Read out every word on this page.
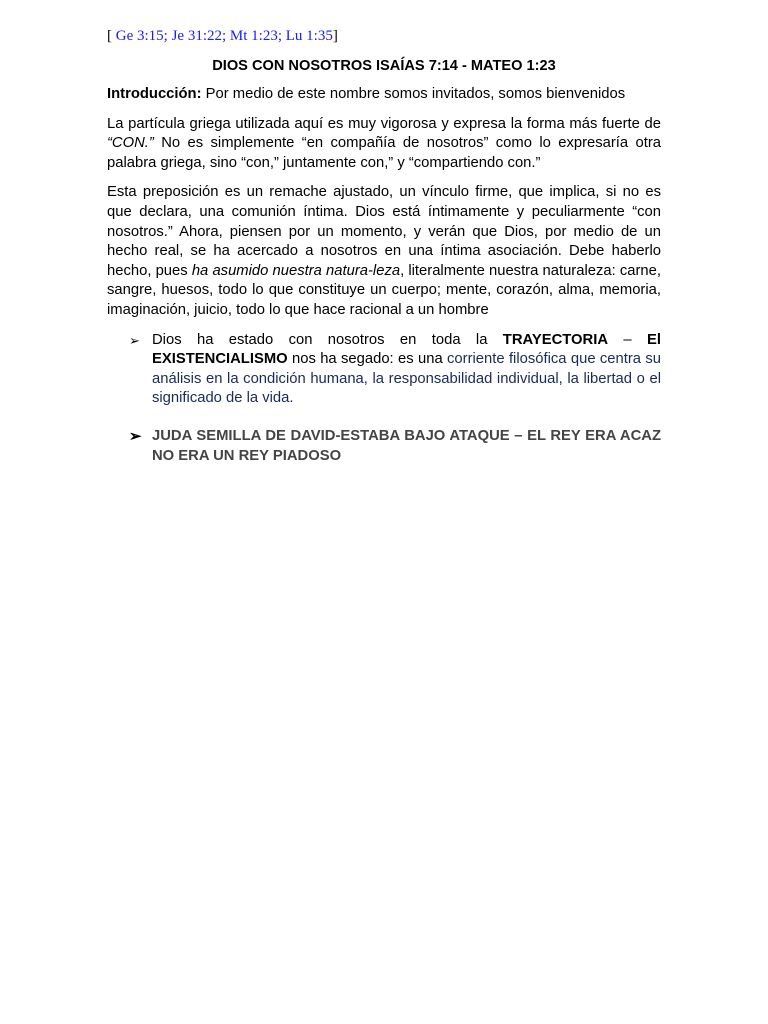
[ Ge 3:15; Je 31:22; Mt 1:23; Lu 1:35]
DIOS CON NOSOTROS ISAÍAS 7:14 - MATEO 1:23

Introducción: Por medio de este nombre somos invitados, somos bienvenidos

La partícula griega utilizada aquí es muy vigorosa y expresa la forma más fuerte de “CON.” No es simplemente “en compañía de nosotros” como lo expresaría otra palabra griega, sino “con,” juntamente con,” y “compartiendo con.”

Esta preposición es un remache ajustado, un vínculo firme, que implica, si no es que declara, una comunión íntima. Dios está íntimamente y peculiarmente “con nosotros.” Ahora, piensen por un momento, y verán que Dios, por medio de un hecho real, se ha acercado a nosotros en una íntima asociación. Debe haberlo hecho, pues ha asumido nuestra natura-leza, literalmente nuestra naturaleza: carne, sangre, huesos, todo lo que constituye un cuerpo; mente, corazón, alma, memoria, imaginación, juicio, todo lo que hace racional a un hombre

➢ Dios ha estado con nosotros en toda la TRAYECTORIA – El EXISTENCIALISMO nos ha segado: es una corriente filosófica que centra su análisis en la condición humana, la responsabilidad individual, la libertad o el significado de la vida.
➢ JUDA SEMILLA DE DAVID-ESTABA BAJO ATAQUE – EL REY ERA ACAZ NO ERA UN REY PIADOSO
